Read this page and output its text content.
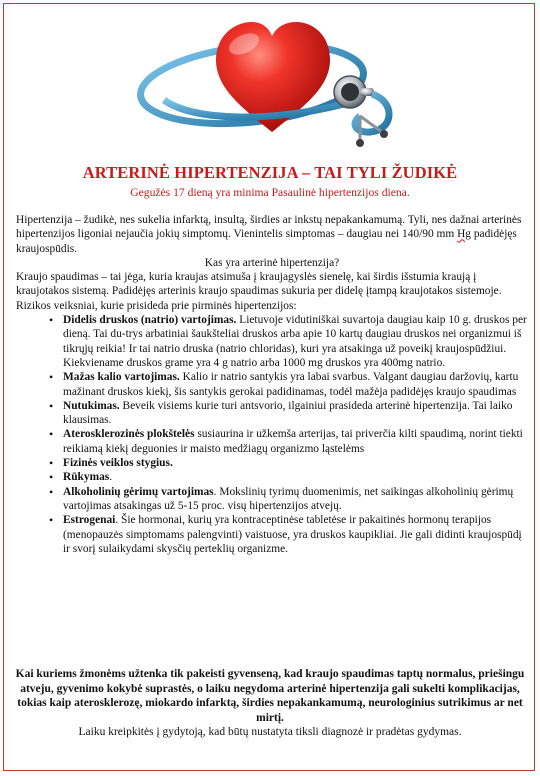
ARTERINĖ HIPERTENZIJA – TAI TYLI ŽUDIKĖ
Gegužės 17 dieną yra minima Pasaulinė hipertenzijos diena.

Hipertenzija – žudikė, nes sukelia infarktą, insultą, širdies ar inkstų nepakankamumą. Tyli, nes dažnai arterinės hipertenzijos ligoniai nejaučia jokių simptomų. Vienintelis simptomas – daugiau nei 140/90 mm Hg padidėjęs kraujospūdis.

Kas yra arterinė hipertenzija?

Kraujo spaudimas – tai jėga, kuria kraujas atsimuša į kraujagyslės sienelę, kai širdis išstumia kraują į kraujotakos sistemą. Padidėjęs arterinis kraujo spaudimas sukuria per didelę įtampą kraujotakos sistemoje.

Rizikos veiksniai, kurie prisideda prie pirminės hipertenzijos:

• Didelis druskos (natrio) vartojimas. Lietuvoje vidutiniškai suvartoja daugiau kaip 10 g. druskos per dieną. Tai du-trys arbatiniai šaukšteliai druskos arba apie 10 kartų daugiau druskos nei organizmui iš tikrųjų reikia! Ir tai natrio druska (natrio chloridas), kuri yra atsakinga už poveikį kraujospūdžiui. Kiekviename druskos grame yra 4 g natrio arba 1000 mg druskos yra 400mg natrio.
• Mažas kalio vartojimas. Kalio ir natrio santykis yra labai svarbus. Valgant daugiau daržovių, kartu mažinant druskos kiekį, šis santykis gerokai padidinamas, todėl mažėja padidėjęs kraujo spaudimas
• Nutukimas. Beveik visiems kurie turi antsvorio, ilgainiui prasideda arterinė hipertenzija. Tai laiko klausimas.
• Aterosklerozinės plokštelės susiaurina ir užkemša arterijas, tai priverčia kilti spaudimą, norint tiekti reikiamą kiekį deguonies ir maisto medžiagų organizmo ląstelėms
• Fizinės veiklos stygius.
• Rūkymas.
• Alkoholinių gėrimų vartojimas. Mokslinių tyrimų duomenimis, net saikingas alkoholinių gėrimų vartojimas atsakingas už 5-15 proc. visų hipertenzijos atvejų.
• Estrogenai. Šie hormonai, kurių yra kontraceptinėse tabletėse ir pakaitinės hormonų terapijos (menopauzės simptomams palengvinti) vaistuose, yra druskos kaupikliai. Jie gali didinti kraujospūdį ir svorį sulaikydami skysčių perteklių organizme.
Kai kuriems žmonėms užtenka tik pakeisti gyvenseną, kad kraujo spaudimas taptų normalus, priešingu atveju, gyvenimo kokybė suprastės, o laiku negydoma arterinė hipertenzija gali sukelti komplikacijas, tokias kaip aterosklerozę, miokardo infarktą, širdies nepakankamumą, neurologinius sutrikimus ar net mirtį.
Laiku kreipkitės į gydytoją, kad būtų nustatyta tiksli diagnozė ir pradėtas gydymas.
